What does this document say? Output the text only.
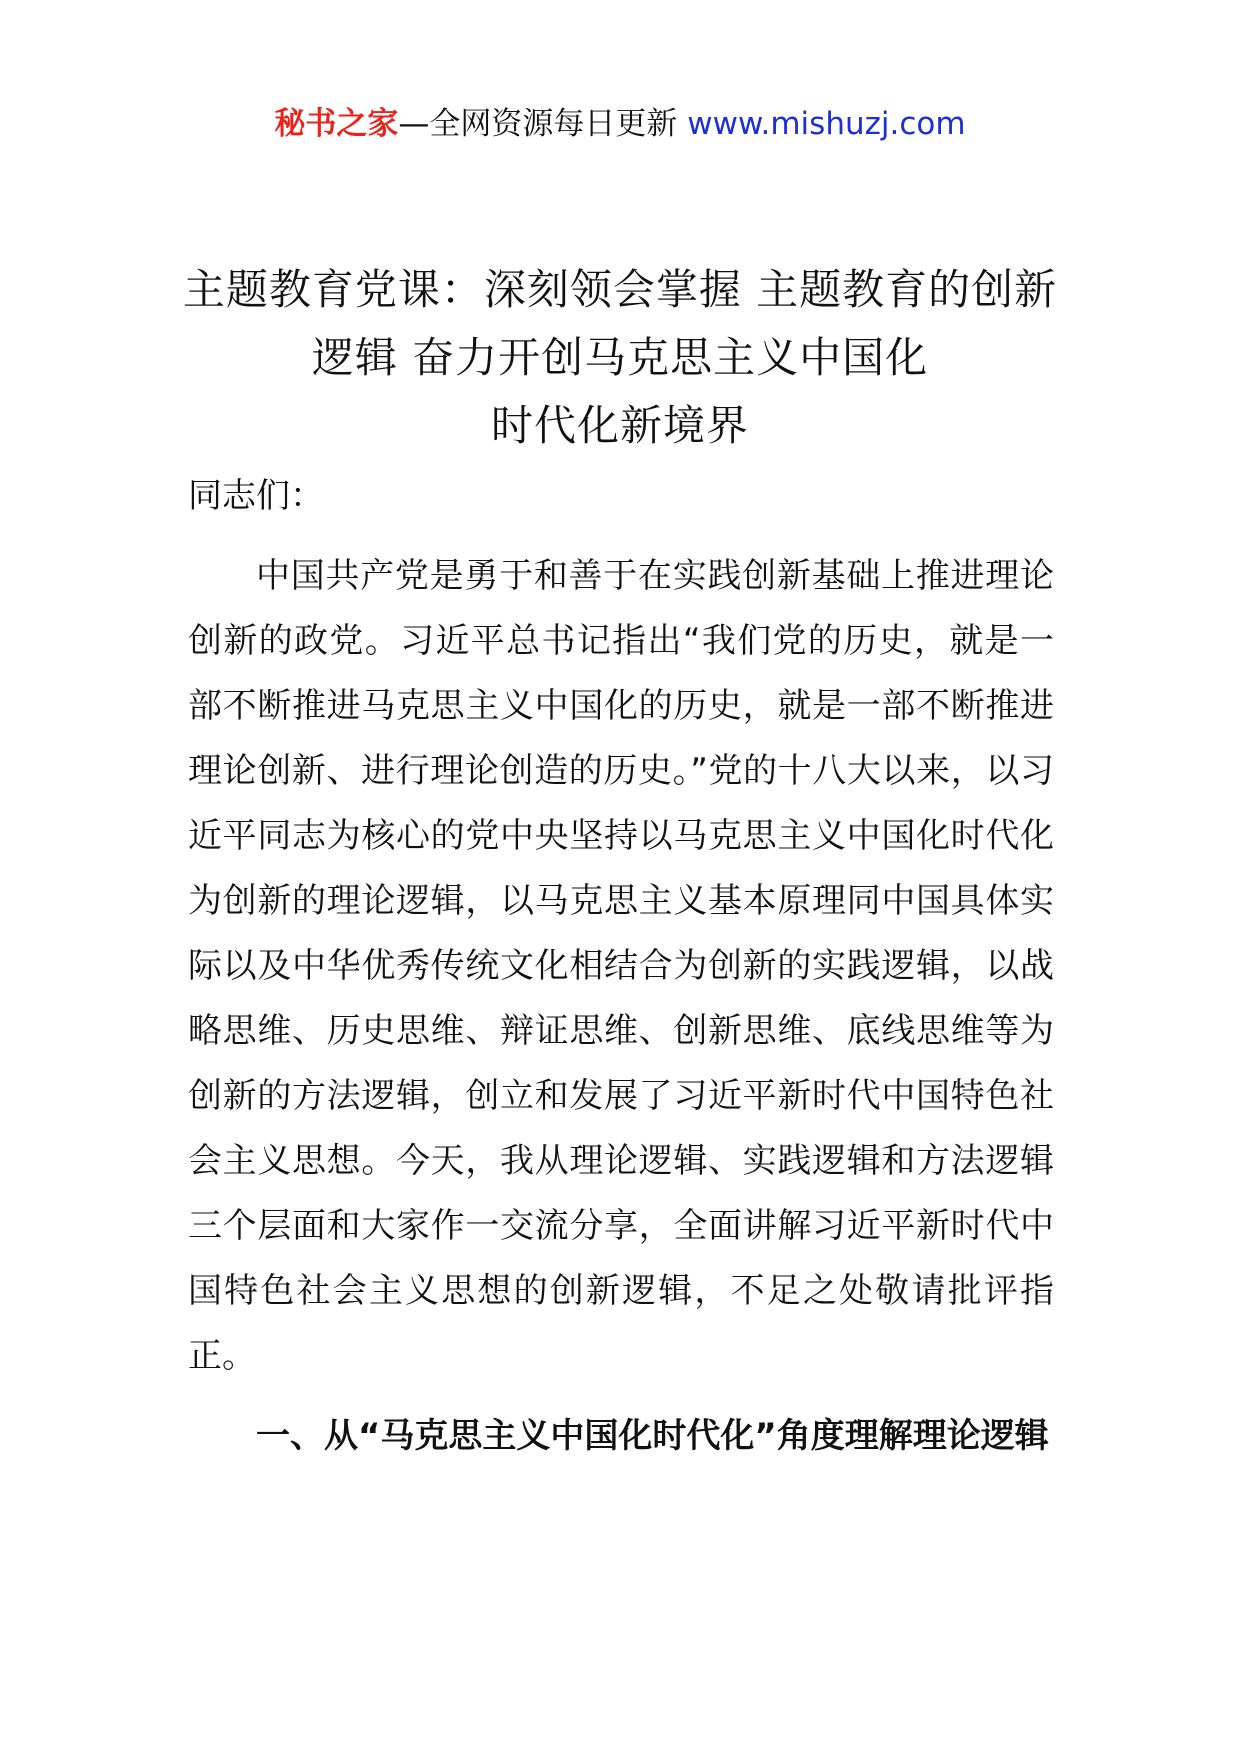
秘书之家—全网资源每日更新 www.mishuzj.com
主题教育党课：深刻领会掌握 主题教育的创新
逻辑 奋力开创马克思主义中国化
时代化新境界
同志们：
中国共产党是勇于和善于在实践创新基础上推进理论创新的政党。习近平总书记指出“我们党的历史，就是一部不断推进马克思主义中国化的历史，就是一部不断推进理论创新、进行理论创造的历史。”党的十八大以来，以习近平同志为核心的党中央坚持以马克思主义中国化时代化为创新的理论逻辑，以马克思主义基本原理同中国具体实际以及中华优秀传统文化相结合为创新的实践逻辑，以战略思维、历史思维、辩证思维、创新思维、底线思维等为创新的方法逻辑，创立和发展了习近平新时代中国特色社会主义思想。今天，我从理论逻辑、实践逻辑和方法逻辑三个层面和大家作一交流分享，全面讲解习近平新时代中国特色社会主义思想的创新逻辑，不足之处敬请批评指正。
一、从“马克思主义中国化时代化”角度理解理论逻辑
